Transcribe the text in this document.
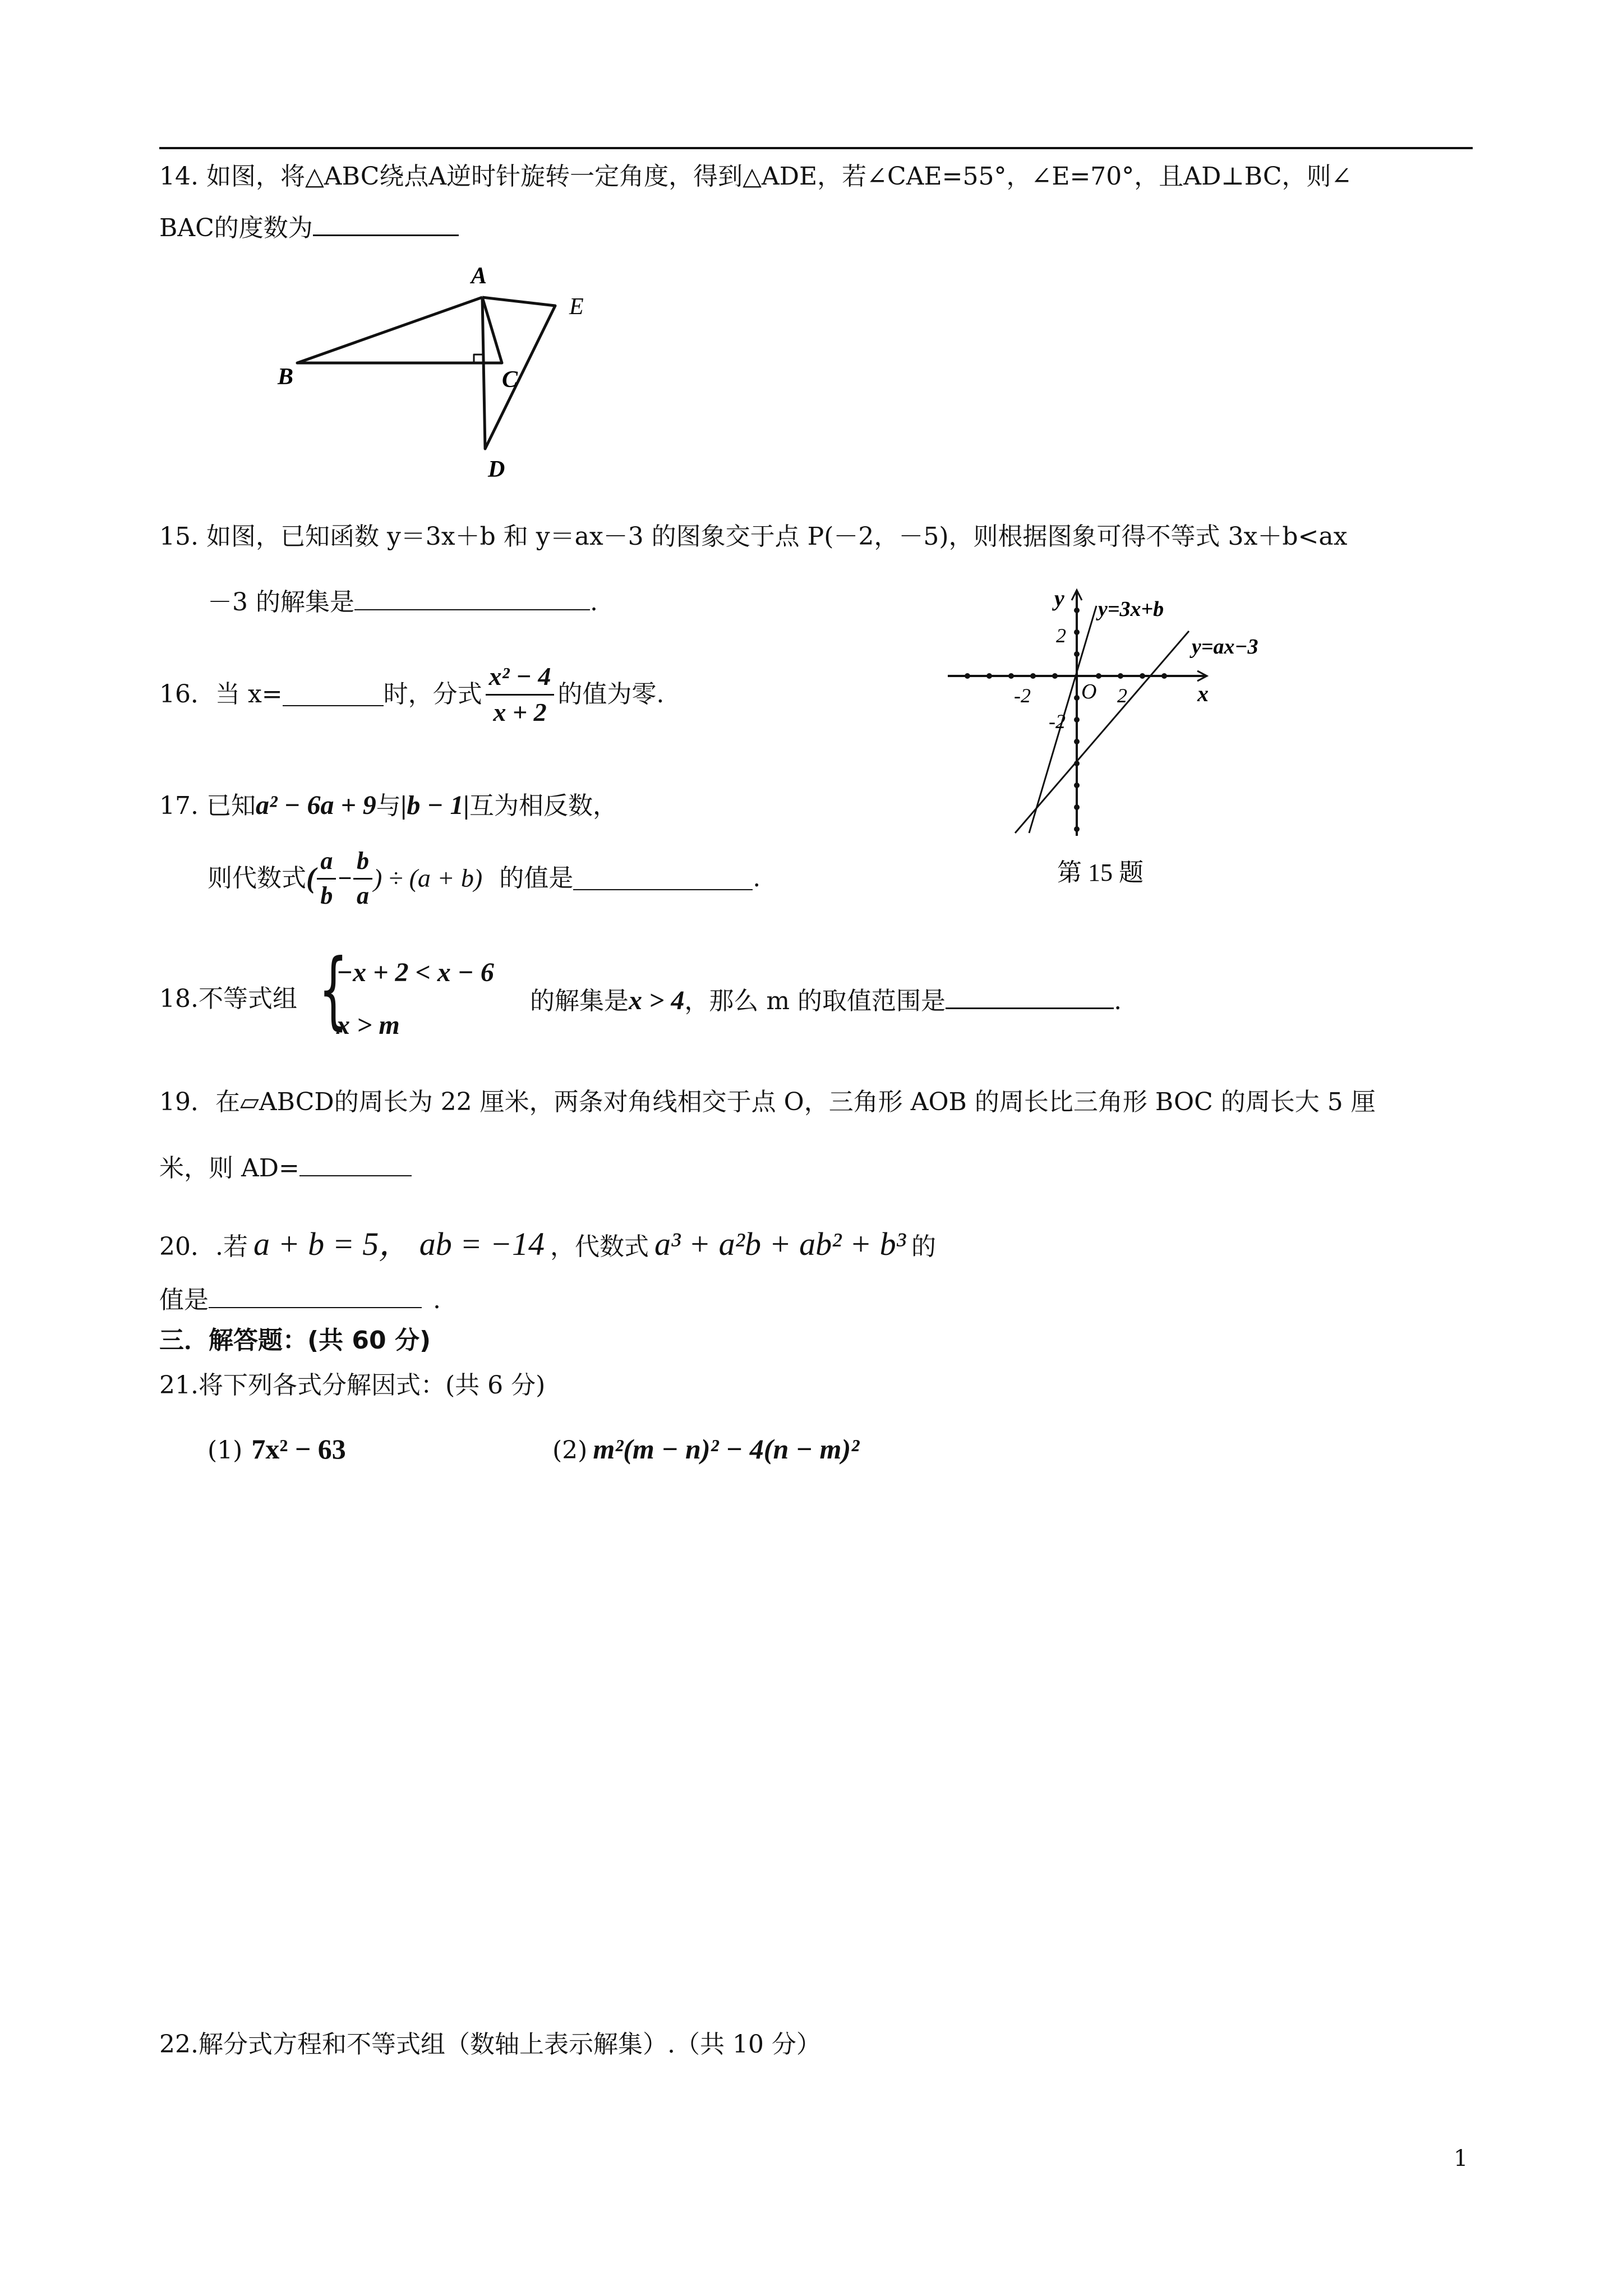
14. 如图，将△ABC绕点A逆时针旋转一定角度，得到△ADE，若∠CAE=55°，∠E=70°，且AD⊥BC，则∠
BAC的度数为
A
B	C
D
E
15. 如图，已知函数 y＝3x＋b 和 y＝ax－3 的图象交于点 P(－2，－5)，则根据图象可得不等式 3x＋b<ax
－3 的解集是	.	y
x
O
2
-2	2
-2
y=3x+b
y=ax−3
第 15 题
16．当 x=	时，分式 $\frac{\text{x² − 4}}{x + 2}$ 的值为零.
17. 已知a² − 6a + 9与|b − 1|互为相反数，
则代数式( $\frac{a}{b} - \frac{b}{a}$ ) ÷ (a + b) 的值是	.
18.不等式组 {
−x + 2 < x − 6
x > m
的解集是x > 4，那么 m 的取值范围是	.
19．在▱ABCD的周长为 22 厘米，两条对角线相交于点 O，三角形 AOB 的周长比三角形 BOC 的周长大 5 厘
米，则 AD=
20．.若 a + b = 5， ab = −14 ，代数式 a³ + a²b + ab² + b³ 的
值是	.
三．解答题：(共 60 分)
21.将下列各式分解因式：(共 6 分)
(1) 7x² − 63	(2) m²(m − n)² − 4(n − m)²
22.解分式方程和不等式组（数轴上表示解集）.（共 10 分）
1
